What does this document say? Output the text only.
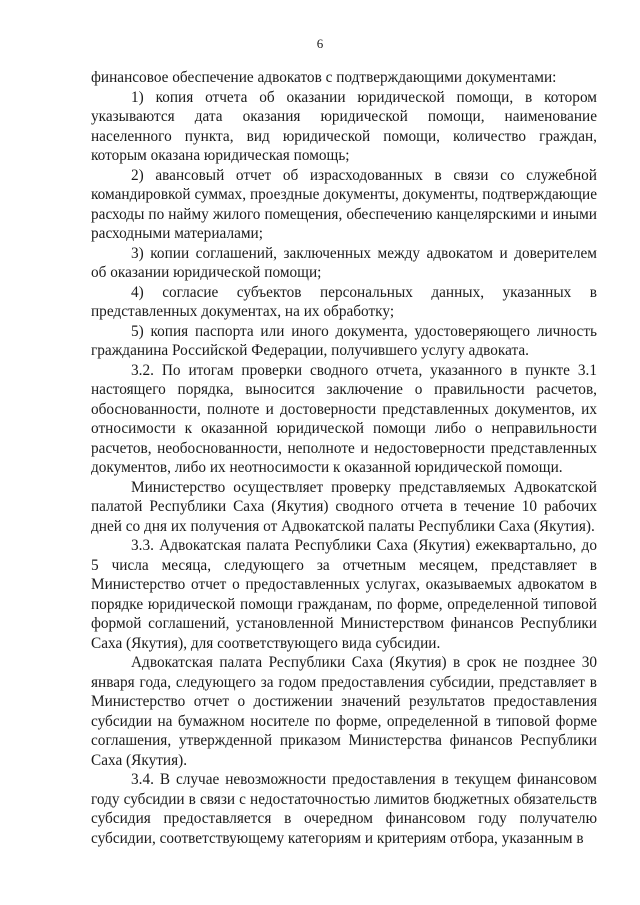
6

финансовое обеспечение адвокатов с подтверждающими документами:

1) копия отчета об оказании юридической помощи, в котором указываются дата оказания юридической помощи, наименование населенного пункта, вид юридической помощи, количество граждан, которым оказана юридическая помощь;

2) авансовый отчет об израсходованных в связи со служебной командировкой суммах, проездные документы, документы, подтверждающие расходы по найму жилого помещения, обеспечению канцелярскими и иными расходными материалами;

3) копии соглашений, заключенных между адвокатом и доверителем об оказании юридической помощи;

4) согласие субъектов персональных данных, указанных в представленных документах, на их обработку;

5) копия паспорта или иного документа, удостоверяющего личность гражданина Российской Федерации, получившего услугу адвоката.

3.2. По итогам проверки сводного отчета, указанного в пункте 3.1 настоящего порядка, выносится заключение о правильности расчетов, обоснованности, полноте и достоверности представленных документов, их относимости к оказанной юридической помощи либо о неправильности расчетов, необоснованности, неполноте и недостоверности представленных документов, либо их неотносимости к оказанной юридической помощи.

Министерство осуществляет проверку представляемых Адвокатской палатой Республики Саха (Якутия) сводного отчета в течение 10 рабочих дней со дня их получения от Адвокатской палаты Республики Саха (Якутия).

3.3. Адвокатская палата Республики Саха (Якутия) ежеквартально, до 5 числа месяца, следующего за отчетным месяцем, представляет в Министерство отчет о предоставленных услугах, оказываемых адвокатом в порядке юридической помощи гражданам, по форме, определенной типовой формой соглашений, установленной Министерством финансов Республики Саха (Якутия), для соответствующего вида субсидии.

Адвокатская палата Республики Саха (Якутия) в срок не позднее 30 января года, следующего за годом предоставления субсидии, представляет в Министерство отчет о достижении значений результатов предоставления субсидии на бумажном носителе по форме, определенной в типовой форме соглашения, утвержденной приказом Министерства финансов Республики Саха (Якутия).

3.4. В случае невозможности предоставления в текущем финансовом году субсидии в связи с недостаточностью лимитов бюджетных обязательств субсидия предоставляется в очередном финансовом году получателю субсидии, соответствующему категориям и критериям отбора, указанным в
